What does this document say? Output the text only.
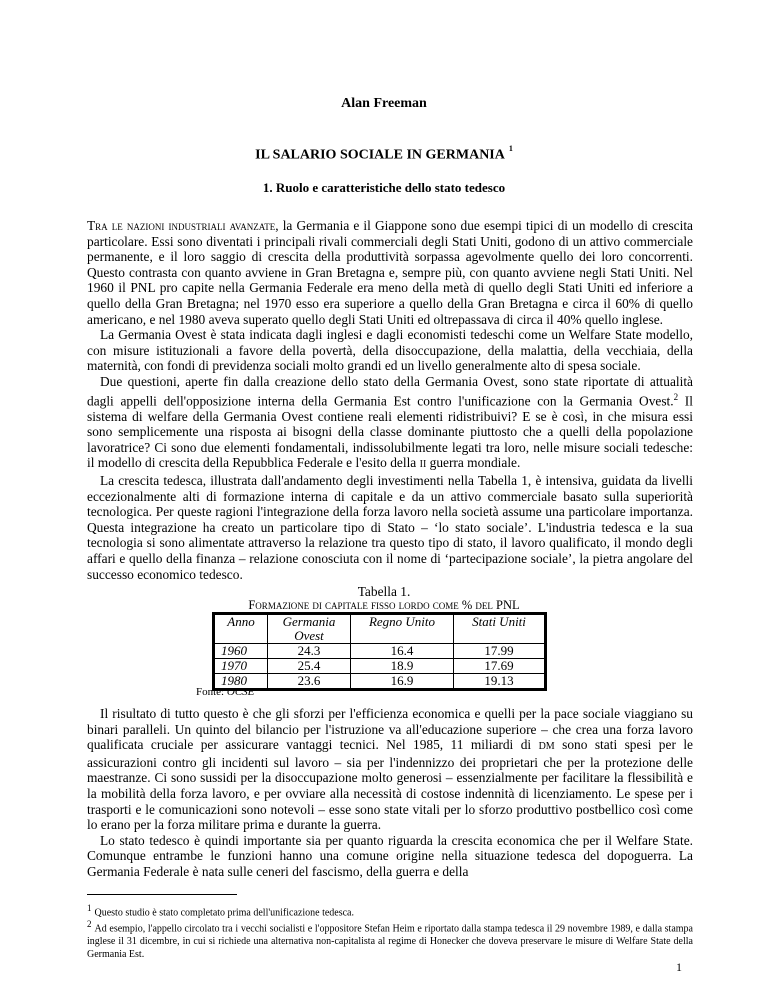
Alan Freeman
IL SALARIO SOCIALE IN GERMANIA $^1$
1. Ruolo e caratteristiche dello stato tedesco

Tra le nazioni industriali avanzate, la Germania e il Giappone sono due esempi tipici di un modello di crescita particolare. Essi sono diventati i principali rivali commerciali degli Stati Uniti, godono di un attivo commerciale permanente, e il loro saggio di crescita della produttività sorpassa agevolmente quello dei loro concorrenti. Questo contrasta con quanto avviene in Gran Bretagna e, sempre più, con quanto avviene negli Stati Uniti. Nel 1960 il PNL pro capite nella Germania Federale era meno della metà di quello degli Stati Uniti ed inferiore a quello della Gran Bretagna; nel 1970 esso era superiore a quello della Gran Bretagna e circa il 60% di quello americano, e nel 1980 aveva superato quello degli Stati Uniti ed oltrepassava di circa il 40% quello inglese.

La Germania Ovest è stata indicata dagli inglesi e dagli economisti tedeschi come un Welfare State modello, con misure istituzionali a favore della povertà, della disoccupazione, della malattia, della vecchiaia, della maternità, con fondi di previdenza sociali molto grandi ed un livello generalmente alto di spesa sociale.

Due questioni, aperte fin dalla creazione dello stato della Germania Ovest, sono state riportate di attualità dagli appelli dell'opposizione interna della Germania Est contro l'unificazione con la Germania Ovest.$^2$ Il sistema di welfare della Germania Ovest contiene reali elementi ridistribuivi? E se è così, in che misura essi sono semplicemente una risposta ai bisogni della classe dominante piuttosto che a quelli della popolazione lavoratrice? Ci sono due elementi fondamentali, indissolubilmente legati tra loro, nelle misure sociali tedesche: il modello di crescita della Repubblica Federale e l'esito della II guerra mondiale.

La crescita tedesca, illustrata dall'andamento degli investimenti nella Tabella 1, è intensiva, guidata da livelli eccezionalmente alti di formazione interna di capitale e da un attivo commerciale basato sulla superiorità tecnologica. Per queste ragioni l'integrazione della forza lavoro nella società assume una particolare importanza. Questa integrazione ha creato un particolare tipo di Stato – ‘lo stato sociale’. L'industria tedesca e la sua tecnologia si sono alimentate attraverso la relazione tra questo tipo di stato, il lavoro qualificato, il mondo degli affari e quello della finanza – relazione conosciuta con il nome di ‘partecipazione sociale’, la pietra angolare del successo economico tedesco.

Tabella 1.
Formazione di capitale fisso lordo come % del PNL
Anno	Germania Ovest	Regno Unito	Stati Uniti
1960	24.3	16.4	17.99
1970	25.4	18.9	17.69
1980	23.6	16.9	19.13
Fonte: OCSE

Il risultato di tutto questo è che gli sforzi per l'efficienza economica e quelli per la pace sociale viaggiano su binari paralleli. Un quinto del bilancio per l'istruzione va all'educazione superiore – che crea una forza lavoro qualificata cruciale per assicurare vantaggi tecnici. Nel 1985, 11 miliardi di DM sono stati spesi per le assicurazioni contro gli incidenti sul lavoro – sia per l'indennizzo dei proprietari che per la protezione delle maestranze. Ci sono sussidi per la disoccupazione molto generosi – essenzialmente per facilitare la flessibilità e la mobilità della forza lavoro, e per ovviare alla necessità di costose indennità di licenziamento. Le spese per i trasporti e le comunicazioni sono notevoli – esse sono state vitali per lo sforzo produttivo postbellico così come lo erano per la forza militare prima e durante la guerra.

Lo stato tedesco è quindi importante sia per quanto riguarda la crescita economica che per il Welfare State. Comunque entrambe le funzioni hanno una comune origine nella situazione tedesca del dopoguerra. La Germania Federale è nata sulle ceneri del fascismo, della guerra e della

$^1$ Questo studio è stato completato prima dell'unificazione tedesca.
$^2$ Ad esempio, l'appello circolato tra i vecchi socialisti e l'oppositore Stefan Heim e riportato dalla stampa tedesca il 29 novembre 1989, e dalla stampa inglese il 31 dicembre, in cui si richiede una alternativa non-capitalista al regime di Honecker che doveva preservare le misure di Welfare State della Germania Est.
1
